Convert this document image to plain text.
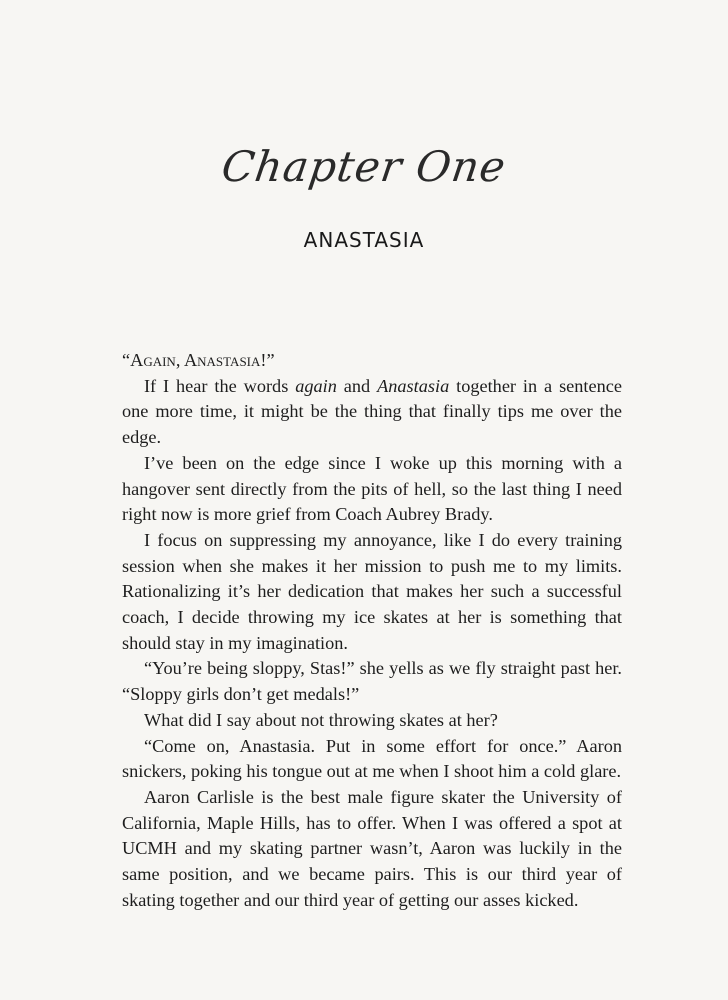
Chapter One
ANASTASIA

“Again, Anastasia!”

If I hear the words again and Anastasia together in a sentence one more time, it might be the thing that finally tips me over the edge.

I’ve been on the edge since I woke up this morning with a hangover sent directly from the pits of hell, so the last thing I need right now is more grief from Coach Aubrey Brady.

I focus on suppressing my annoyance, like I do every training session when she makes it her mission to push me to my limits. Rationalizing it’s her dedication that makes her such a successful coach, I decide throwing my ice skates at her is something that should stay in my imagination.

“You’re being sloppy, Stas!” she yells as we fly straight past her. “Sloppy girls don’t get medals!”

What did I say about not throwing skates at her?

“Come on, Anastasia. Put in some effort for once.” Aaron snickers, poking his tongue out at me when I shoot him a cold glare.

Aaron Carlisle is the best male figure skater the University of California, Maple Hills, has to offer. When I was offered a spot at UCMH and my skating partner wasn’t, Aaron was luckily in the same position, and we became pairs. This is our third year of skating together and our third year of getting our asses kicked.
